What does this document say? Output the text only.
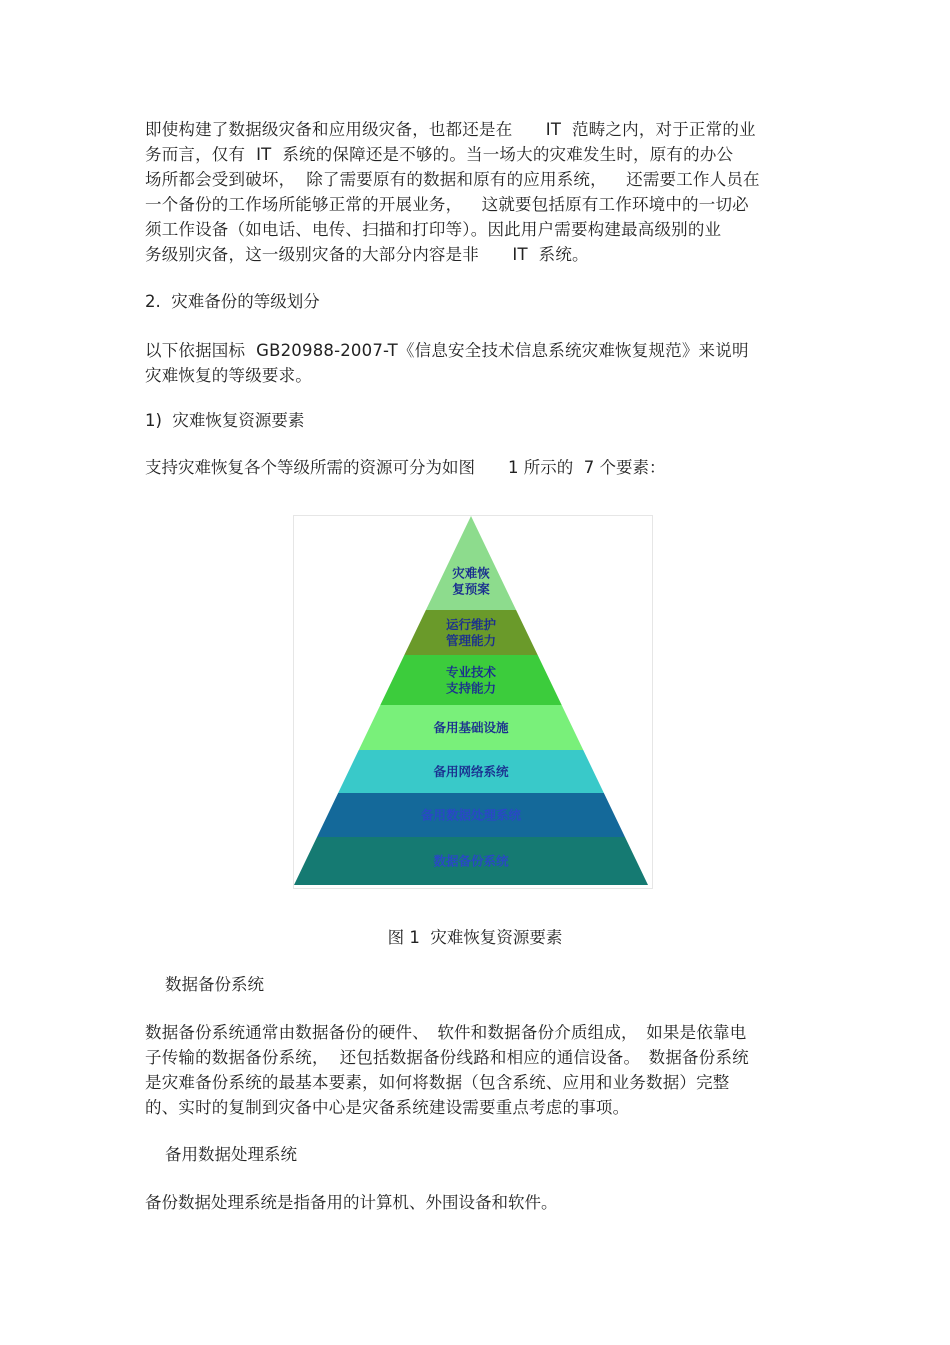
即使构建了数据级灾备和应用级灾备，也都还是在　　IT  范畴之内，对于正常的业
务而言，仅有  IT  系统的保障还是不够的。当一场大的灾难发生时，原有的办公
场所都会受到破坏，  除了需要原有的数据和原有的应用系统，　  还需要工作人员在
一个备份的工作场所能够正常的开展业务，　  这就要包括原有工作环境中的一切必
须工作设备（如电话、电传、扫描和打印等）。因此用户需要构建最高级别的业
务级别灾备，这一级别灾备的大部分内容是非　　IT  系统。
2.  灾难备份的等级划分
以下依据国标  GB20988-2007-T《信息安全技术信息系统灾难恢复规范》来说明
灾难恢复的等级要求。
1)  灾难恢复资源要素
支持灾难恢复各个等级所需的资源可分为如图　　1 所示的  7 个要素：
灾难恢
复预案
运行维护
管理能力
专业技术
支持能力
备用基础设施
备用网络系统
备用数据处理系统
数据备份系统
图 1  灾难恢复资源要素
数据备份系统
数据备份系统通常由数据备份的硬件、　软件和数据备份介质组成，　如果是依靠电
子传输的数据备份系统，  还包括数据备份线路和相应的通信设备。　数据备份系统
是灾难备份系统的最基本要素，如何将数据（包含系统、应用和业务数据）完整
的、实时的复制到灾备中心是灾备系统建设需要重点考虑的事项。
备用数据处理系统
备份数据处理系统是指备用的计算机、外围设备和软件。
